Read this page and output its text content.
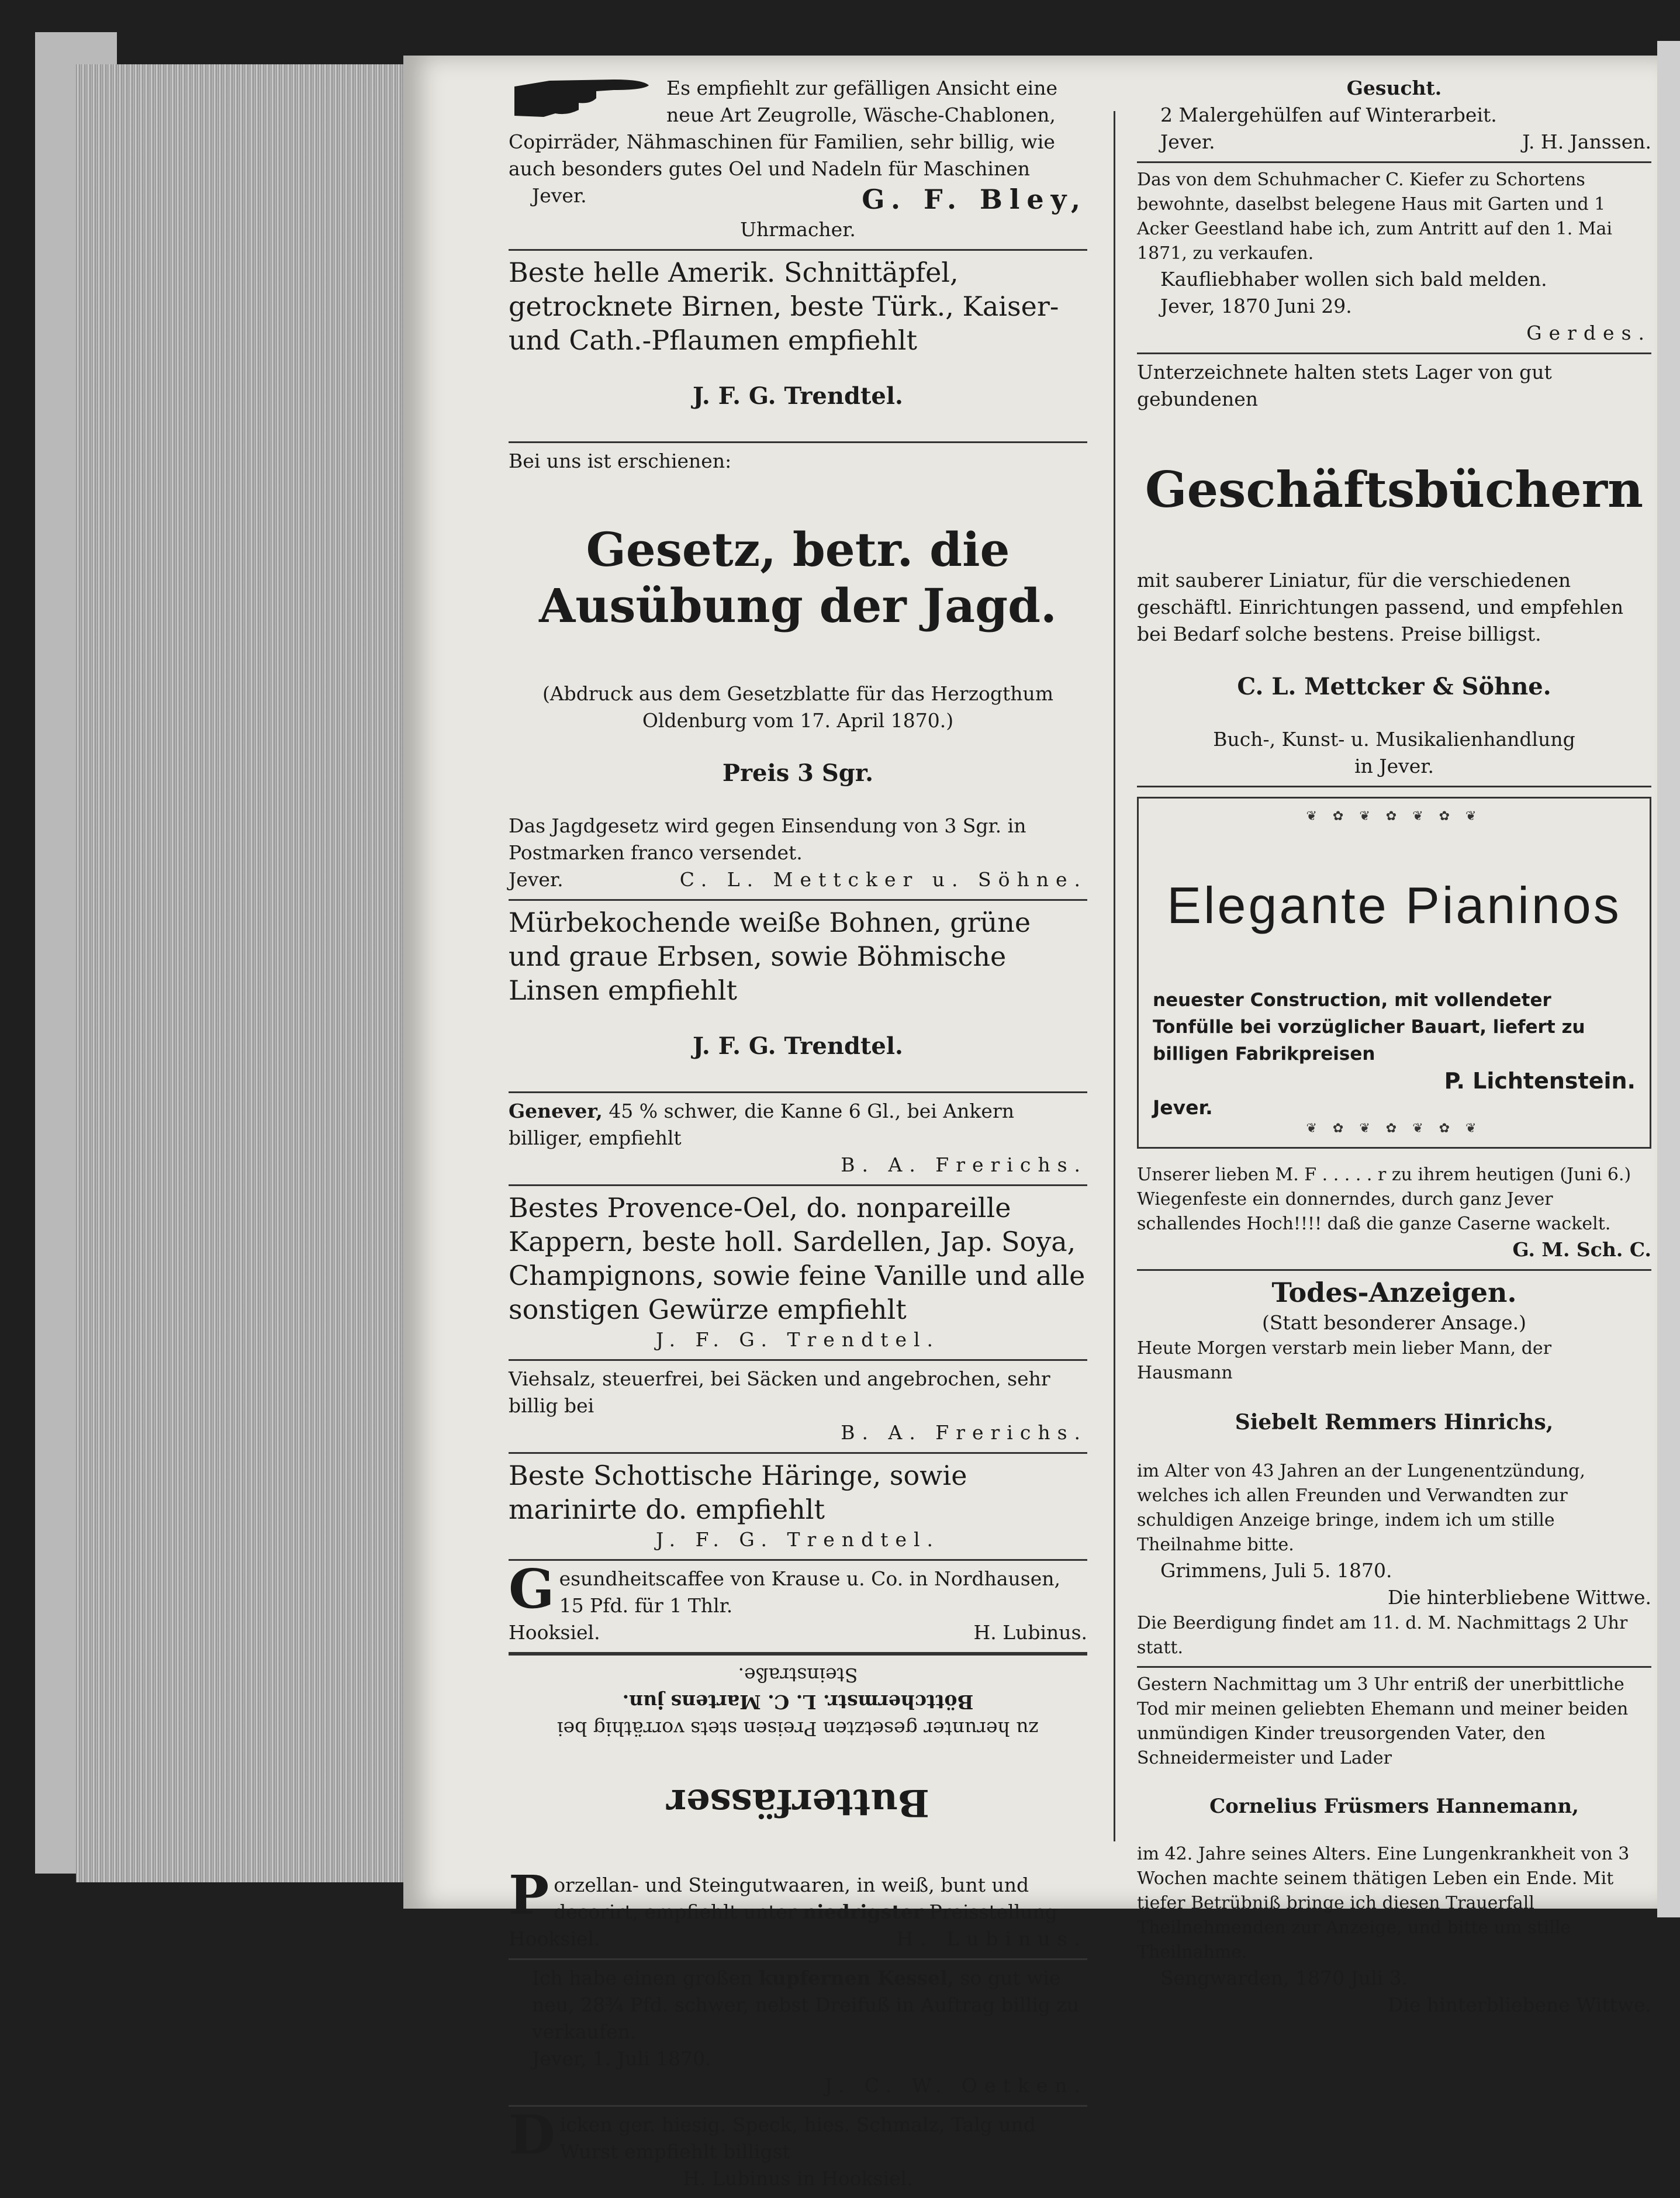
Es empfiehlt zur gefälligen Ansicht eine neue Art Zeugrolle, Wäsche-Chablonen, Copirräder, Nähmaschinen für Familien, sehr billig, wie auch besonders gutes Oel und Nadeln für Maschinen

Jever.	G. F. Bley,

Uhrmacher.

Beste helle Amerik. Schnittäpfel, getrocknete Birnen, beste Türk., Kaiser- und Cath.-Pflaumen empfiehlt

J. F. G. Trendtel.

Bei uns ist erschienen:

Gesetz, betr. die Ausübung der Jagd.

(Abdruck aus dem Gesetzblatte für das Herzogthum Oldenburg vom 17. April 1870.)

Preis 3 Sgr.

Das Jagdgesetz wird gegen Einsendung von 3 Sgr. in Postmarken franco versendet.

Jever.	C. L. Mettcker u. Söhne.

Mürbekochende weiße Bohnen, grüne und graue Erbsen, sowie Böhmische Linsen empfiehlt

J. F. G. Trendtel.

Genever, 45 % schwer, die Kanne 6 Gl., bei Ankern billiger, empfiehlt

B. A. Frerichs.

Bestes Provence-Oel, do. nonpareille Kappern, beste holl. Sardellen, Jap. Soya, Champignons, sowie feine Vanille und alle sonstigen Gewürze empfiehlt

J. F. G. Trendtel.

Viehsalz, steuerfrei, bei Säcken und angebrochen, sehr billig bei

B. A. Frerichs.

Beste Schottische Häringe, sowie marinirte do. empfiehlt

J. F. G. Trendtel.

Gesundheitscaffee von Krause u. Co. in Nordhausen, 15 Pfd. für 1 Thlr.

Hooksiel.	H. Lubinus.

Butterfässer

zu herunter gesetzten Preisen stets vorräthig bei

Böttchermstr. L. C. Martens jun.

Steinstraße.

Porzellan- und Steingutwaaren, in weiß, bunt und decorirt, empfiehlt unter niedrigster Preisstellung

Hooksiel.	H. Lubinus.

Ich habe einen großen kupfernen Kessel, so gut wie neu, 28¾ Pfd. schwer, nebst Dreifuß in Auftrag billig zu verkaufen.

Jever, 1. Juli 1870.

J. C. W. Oetken.

Dicken ger. hiesig. Speck, hies. Schmalz, Talg und Wurst empfiehlt billigst

H. Lubinus in Hooksiel.

Gesucht.

2 Malergehülfen auf Winterarbeit.

Jever.	J. H. Janssen.

Das von dem Schuhmacher C. Kiefer zu Schortens bewohnte, daselbst belegene Haus mit Garten und 1 Acker Geestland habe ich, zum Antritt auf den 1. Mai 1871, zu verkaufen.

Kaufliebhaber wollen sich bald melden.

Jever, 1870 Juni 29.

Gerdes.

Unterzeichnete halten stets Lager von gut gebundenen

Geschäftsbüchern

mit sauberer Liniatur, für die verschiedenen geschäftl. Einrichtungen passend, und empfehlen bei Bedarf solche bestens. Preise billigst.

C. L. Mettcker & Söhne.

Buch-, Kunst- u. Musikalienhandlung

in Jever.

❦ ✿ ❦ ✿ ❦ ✿ ❦

Elegante Pianinos

neuester Construction, mit vollendeter Tonfülle bei vorzüglicher Bauart, liefert zu billigen Fabrikpreisen

P. Lichtenstein.

Jever.

❦ ✿ ❦ ✿ ❦ ✿ ❦

Unserer lieben M. F . . . . . r zu ihrem heutigen (Juni 6.) Wiegenfeste ein donnerndes, durch ganz Jever schallendes Hoch!!!! daß die ganze Caserne wackelt.

G. M. Sch. C.

Todes-Anzeigen.

(Statt besonderer Ansage.)

Heute Morgen verstarb mein lieber Mann, der Hausmann

Siebelt Remmers Hinrichs,

im Alter von 43 Jahren an der Lungenentzündung, welches ich allen Freunden und Verwandten zur schuldigen Anzeige bringe, indem ich um stille Theilnahme bitte.

Grimmens, Juli 5. 1870.

Die hinterbliebene Wittwe.

Die Beerdigung findet am 11. d. M. Nachmittags 2 Uhr statt.

Gestern Nachmittag um 3 Uhr entriß der unerbittliche Tod mir meinen geliebten Ehemann und meiner beiden unmündigen Kinder treusorgenden Vater, den Schneidermeister und Lader

Cornelius Früsmers Hannemann,

im 42. Jahre seines Alters. Eine Lungenkrankheit von 3 Wochen machte seinem thätigen Leben ein Ende. Mit tiefer Betrübniß bringe ich diesen Trauerfall Theilnehmenden zur Anzeige, und bitte um stille Theilnahme.

Sengwarden, 1870 Juli 3.

Die hinterbliebene Wittwe.
